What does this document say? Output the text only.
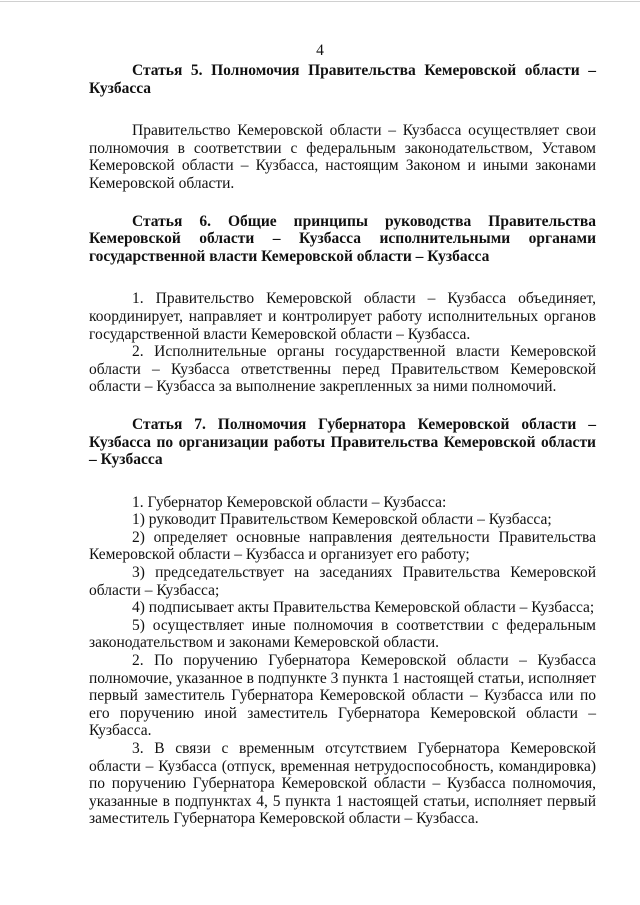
4
Статья 5. Полномочия Правительства Кемеровской области – Кузбасса

Правительство Кемеровской области – Кузбасса осуществляет свои полномочия в соответствии с федеральным законодательством, Уставом Кемеровской области – Кузбасса, настоящим Законом и иными законами Кемеровской области.

Статья 6. Общие принципы руководства Правительства Кемеровской области – Кузбасса исполнительными органами государственной власти Кемеровской области – Кузбасса

1. Правительство Кемеровской области – Кузбасса объединяет, координирует, направляет и контролирует работу исполнительных органов государственной власти Кемеровской области – Кузбасса.

2. Исполнительные органы государственной власти Кемеровской области – Кузбасса ответственны перед Правительством Кемеровской области – Кузбасса за выполнение закрепленных за ними полномочий.

Статья 7. Полномочия Губернатора Кемеровской области – Кузбасса по организации работы Правительства Кемеровской области – Кузбасса

1. Губернатор Кемеровской области – Кузбасса:

1) руководит Правительством Кемеровской области – Кузбасса;

2) определяет основные направления деятельности Правительства Кемеровской области – Кузбасса и организует его работу;

3) председательствует на заседаниях Правительства Кемеровской области – Кузбасса;

4) подписывает акты Правительства Кемеровской области – Кузбасса;

5) осуществляет иные полномочия в соответствии с федеральным законодательством и законами Кемеровской области.

2. По поручению Губернатора Кемеровской области – Кузбасса полномочие, указанное в подпункте 3 пункта 1 настоящей статьи, исполняет первый заместитель Губернатора Кемеровской области – Кузбасса или по его поручению иной заместитель Губернатора Кемеровской области – Кузбасса.

3. В связи с временным отсутствием Губернатора Кемеровской области – Кузбасса (отпуск, временная нетрудоспособность, командировка) по поручению Губернатора Кемеровской области – Кузбасса полномочия, указанные в подпунктах 4, 5 пункта 1 настоящей статьи, исполняет первый заместитель Губернатора Кемеровской области – Кузбасса.
